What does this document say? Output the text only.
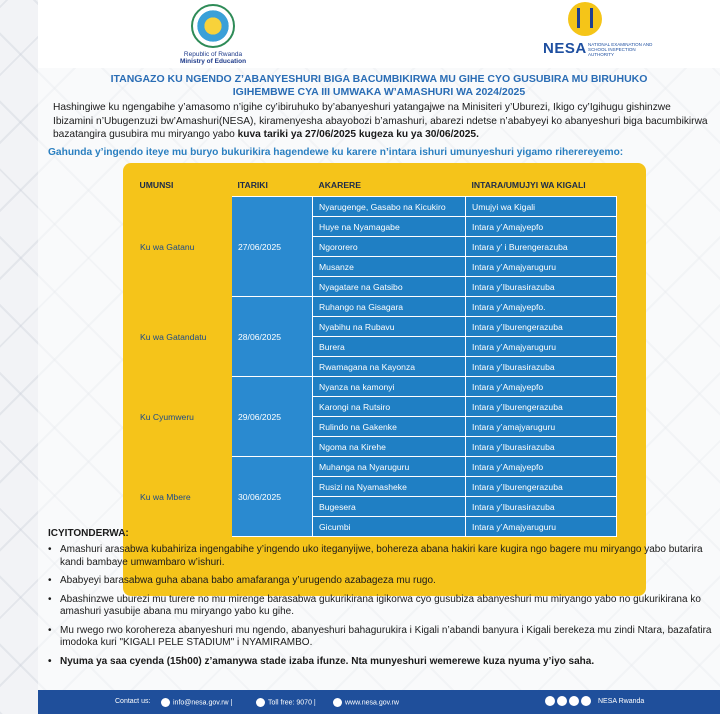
Republic of Rwanda
Ministry of Education
NESA NATIONAL EXAMINATION AND SCHOOL INSPECTION AUTHORITY
ITANGAZO KU NGENDO Z’ABANYESHURI BIGA BACUMBIKIRWA MU GIHE CYO GUSUBIRA MU BIRUHUKO
IGIHEMBWE CYA III UMWAKA W’AMASHURI WA 2024/2025
Hashingiwe ku ngengabihe y’amasomo n’igihe cy’ibiruhuko by’abanyeshuri yatangajwe na Minisiteri y’Uburezi, Ikigo cy’Igihugu gishinzwe Ibizamini n’Ubugenzuzi bw’Amashuri(NESA), kiramenyesha abayobozi b’amashuri, abarezi ndetse n’ababyeyi ko abanyeshuri biga bacumbikirwa bazatangira gusubira mu miryango yabo kuva tariki ya 27/06/2025 kugeza ku ya 30/06/2025.
Gahunda y’ingendo iteye mu buryo bukurikira hagendewe ku karere n’intara ishuri umunyeshuri yigamo riherereyemo:
UMUNSI	ITARIKI	AKARERE	INTARA/UMUJYI WA KIGALI
Ku wa Gatanu	27/06/2025	Nyarugenge, Gasabo na Kicukiro	Umujyi wa Kigali
		Huye na Nyamagabe	Intara y’Amajyepfo
		Ngororero	Intara y’ i Burengerazuba
		Musanze	Intara y’Amajyaruguru
		Nyagatare na Gatsibo	Intara y’Iburasirazuba
Ku wa Gatandatu	28/06/2025	Ruhango na Gisagara	Intara y’Amajyepfo.
		Nyabihu na Rubavu	Intara y’Iburengerazuba
		Burera	Intara y’Amajyaruguru
		Rwamagana na Kayonza	Intara y’Iburasirazuba
Ku Cyumweru	29/06/2025	Nyanza na kamonyi	Intara y’Amajyepfo
		Karongi na Rutsiro	Intara y’Iburengerazuba
		Rulindo na Gakenke	Intara y’amajyaruguru
		Ngoma na Kirehe	Intara y’Iburasirazuba
Ku wa Mbere	30/06/2025	Muhanga na Nyaruguru	Intara y’Amajyepfo
		Rusizi na Nyamasheke	Intara y’Iburengerazuba
		Bugesera	Intara y’Iburasirazuba
		Gicumbi	Intara y’Amajyaruguru
ICYITONDERWA:
• Amashuri arasabwa kubahiriza ingengabihe y’ingendo uko iteganyijwe, bohereza abana hakiri kare kugira ngo bagere mu miryango yabo butarira kandi bambaye umwambaro w’ishuri.
• Ababyeyi barasabwa guha abana babo amafaranga y’urugendo azabageza mu rugo.
• Abashinzwe uburezi mu turere no mu mirenge barasabwa gukurikirana igikorwa cyo gusubiza abanyeshuri mu miryango yabo no gukurikirana ko amashuri yasubije abana mu miryango yabo ku gihe.
• Mu rwego rwo korohereza abanyeshuri mu ngendo, abanyeshuri bahagurukira i Kigali n’abandi banyura i Kigali berekeza mu zindi Ntara, bazafatira imodoka kuri "KIGALI PELE STADIUM" i NYAMIRAMBO.
• Nyuma ya saa cyenda (15h00) z’amanywa stade izaba ifunze. Nta munyeshuri wemerewe kuza nyuma y’iyo saha.
Contact us:	info@nesa.gov.rw |	Toll free: 9070 |	www.nesa.gov.rw	NESA Rwanda
